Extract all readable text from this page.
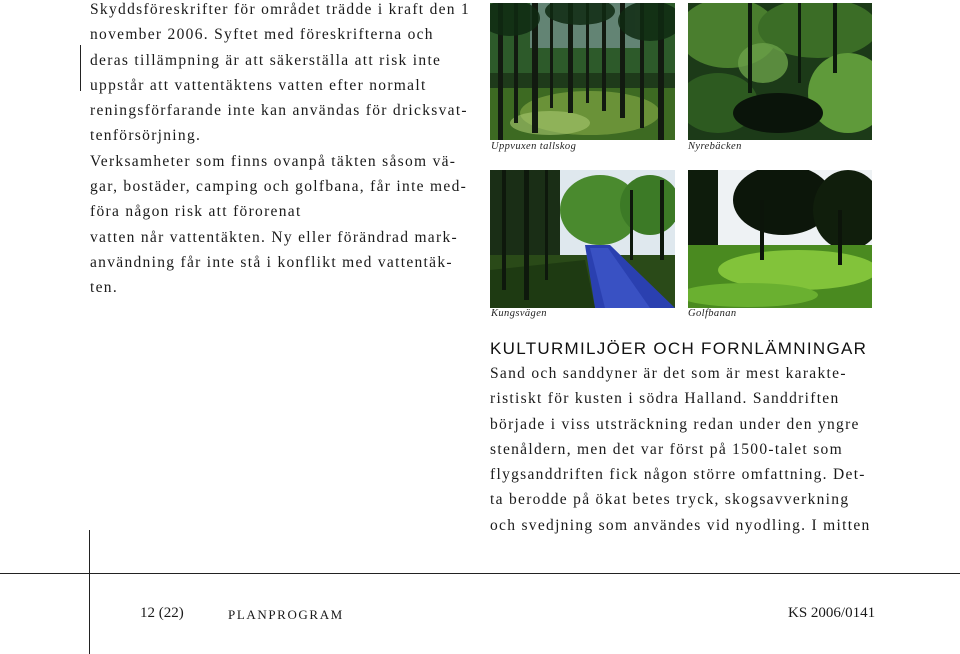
Skyddsföreskrifter för området trädde i kraft den 1

november 2006. Syftet med föreskrifterna och

deras tillämpning är att säkerställa att risk inte

uppstår att vattentäktens vatten efter normalt

reningsförfarande inte kan användas för dricksvat-

tenförsörjning.

Verksamheter som finns ovanpå täkten såsom vä-

gar, bostäder, camping och golfbana, får inte med-

föra någon risk att förorenat

vatten når vattentäkten. Ny eller förändrad mark-

användning får inte stå i konflikt med vattentäk-

ten.

Uppvuxen tallskog	Nyrebäcken
Kungsvägen	Golfbanan
KULTURMILJÖER OCH FORNLÄMNINGAR

Sand och sanddyner är det som är mest karakte-

ristiskt för kusten i södra Halland. Sanddriften

började i viss utsträckning redan under den yngre

stenåldern, men det var först på 1500-talet som

flygsanddriften fick någon större omfattning. Det-

ta berodde på ökat betes tryck, skogsavverkning

och svedjning som användes vid nyodling. I mitten

12 (22)	PLANPROGRAM	KS 2006/0141
